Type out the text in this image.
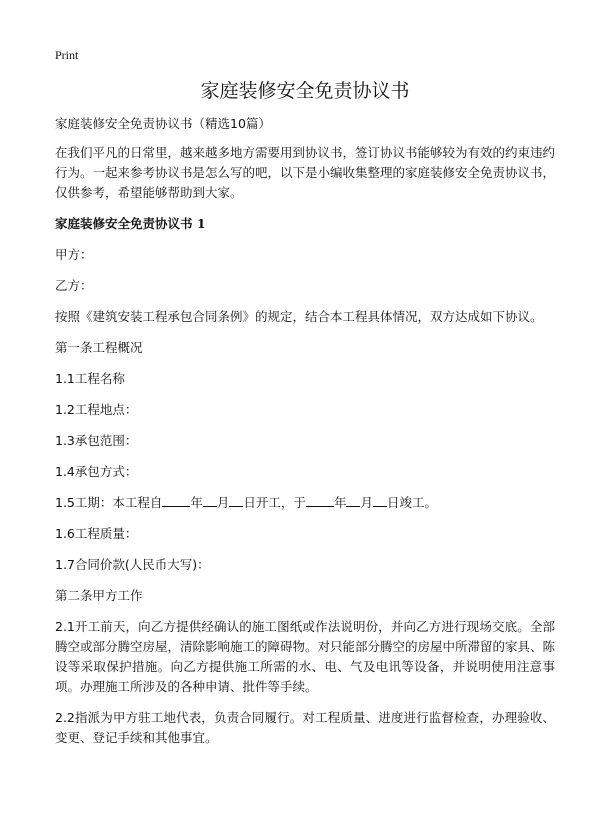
Print
家庭装修安全免责协议书

家庭装修安全免责协议书（精选10篇）

在我们平凡的日常里，越来越多地方需要用到协议书，签订协议书能够较为有效的约束违约行为。一起来参考协议书是怎么写的吧，以下是小编收集整理的家庭装修安全免责协议书，仅供参考，希望能够帮助到大家。

家庭装修安全免责协议书 1

甲方：

乙方：

按照《建筑安装工程承包合同条例》的规定，结合本工程具体情况，双方达成如下协议。

第一条工程概况

1.1工程名称

1.2工程地点：

1.3承包范围：

1.4承包方式：

1.5工期：本工程自 年 月 日开工，于 年 月 日竣工。

1.6工程质量：

1.7合同价款(人民币大写)：

第二条甲方工作

2.1开工前天，向乙方提供经确认的施工图纸或作法说明份，并向乙方进行现场交底。全部腾空或部分腾空房屋，清除影响施工的障碍物。对只能部分腾空的房屋中所滞留的家具、陈设等采取保护措施。向乙方提供施工所需的水、电、气及电讯等设备，并说明使用注意事项。办理施工所涉及的各种申请、批件等手续。

2.2指派为甲方驻工地代表，负责合同履行。对工程质量、进度进行监督检查，办理验收、变更、登记手续和其他事宜。
